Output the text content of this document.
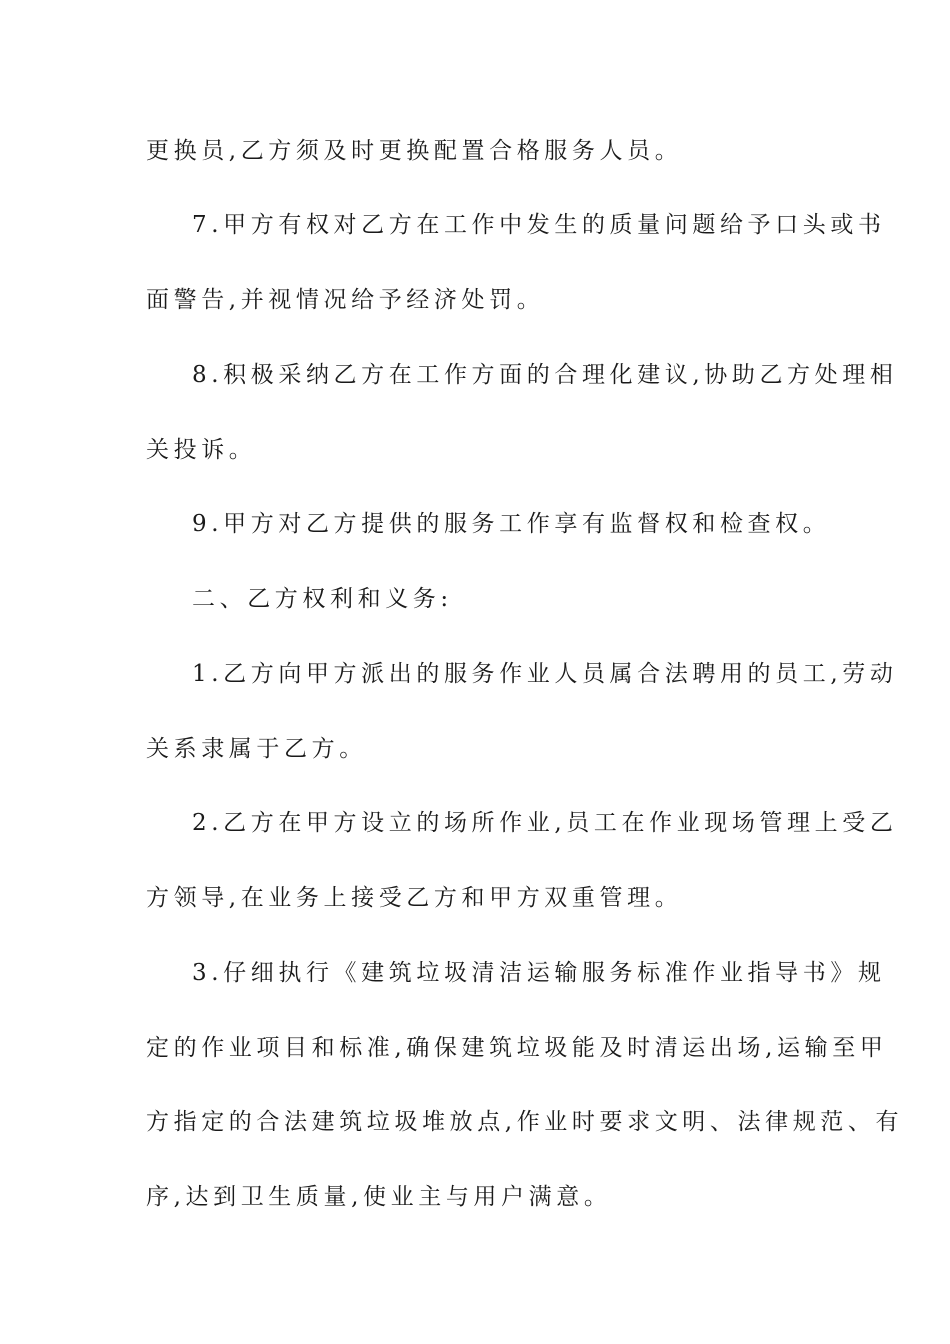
更换员,乙方须及时更换配置合格服务人员。
7.甲方有权对乙方在工作中发生的质量问题给予口头或书
面警告,并视情况给予经济处罚。
8.积极采纳乙方在工作方面的合理化建议,协助乙方处理相
关投诉。
9.甲方对乙方提供的服务工作享有监督权和检查权。
二、乙方权利和义务:
1.乙方向甲方派出的服务作业人员属合法聘用的员工,劳动
关系隶属于乙方。
2.乙方在甲方设立的场所作业,员工在作业现场管理上受乙
方领导,在业务上接受乙方和甲方双重管理。
3.仔细执行《建筑垃圾清洁运输服务标准作业指导书》规
定的作业项目和标准,确保建筑垃圾能及时清运出场,运输至甲
方指定的合法建筑垃圾堆放点,作业时要求文明、法律规范、有
序,达到卫生质量,使业主与用户满意。
